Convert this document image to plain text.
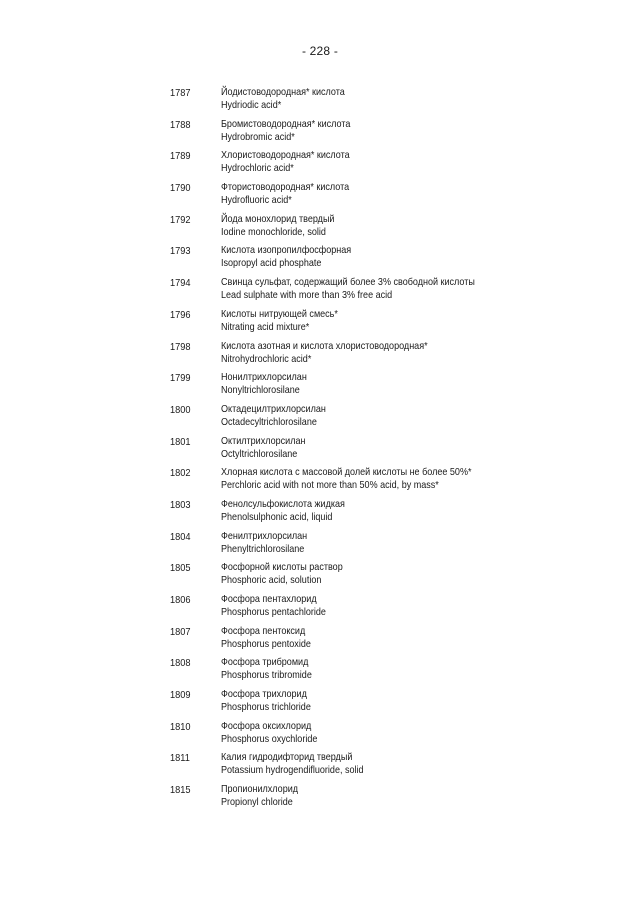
- 228 -
1787	Йодистоводородная* кислота
Hydriodic acid*
1788	Бромистоводородная* кислота
Hydrobromic acid*
1789	Хлористоводородная* кислота
Hydrochloric acid*
1790	Фтористоводородная* кислота
Hydrofluoric acid*
1792	Йода монохлорид твердый
Iodine monochloride, solid
1793	Кислота изопропилфосфорная
Isopropyl acid phosphate
1794	Свинца сульфат, содержащий более 3% свободной кислоты
Lead sulphate with more than 3% free acid
1796	Кислоты нитрующей смесь*
Nitrating acid mixture*
1798	Кислота азотная и кислота хлористоводородная*
Nitrohydrochloric acid*
1799	Нонилтрихлорсилан
Nonyltrichlorosilane
1800	Октадецилтрихлорсилан
Octadecyltrichlorosilane
1801	Октилтрихлорсилан
Octyltrichlorosilane
1802	Хлорная кислота с массовой долей кислоты не более 50%*
Perchloric acid with not more than 50% acid, by mass*
1803	Фенолсульфокислота жидкая
Phenolsulphonic acid, liquid
1804	Фенилтрихлорсилан
Phenyltrichlorosilane
1805	Фосфорной кислоты раствор
Phosphoric acid, solution
1806	Фосфора пентахлорид
Phosphorus pentachloride
1807	Фосфора пентоксид
Phosphorus pentoxide
1808	Фосфора трибромид
Phosphorus tribromide
1809	Фосфора трихлорид
Phosphorus trichloride
1810	Фосфора оксихлорид
Phosphorus oxychloride
1811	Калия гидродифторид твердый
Potassium hydrogendifluoride, solid
1815	Пропионилхлорид
Propionyl chloride
